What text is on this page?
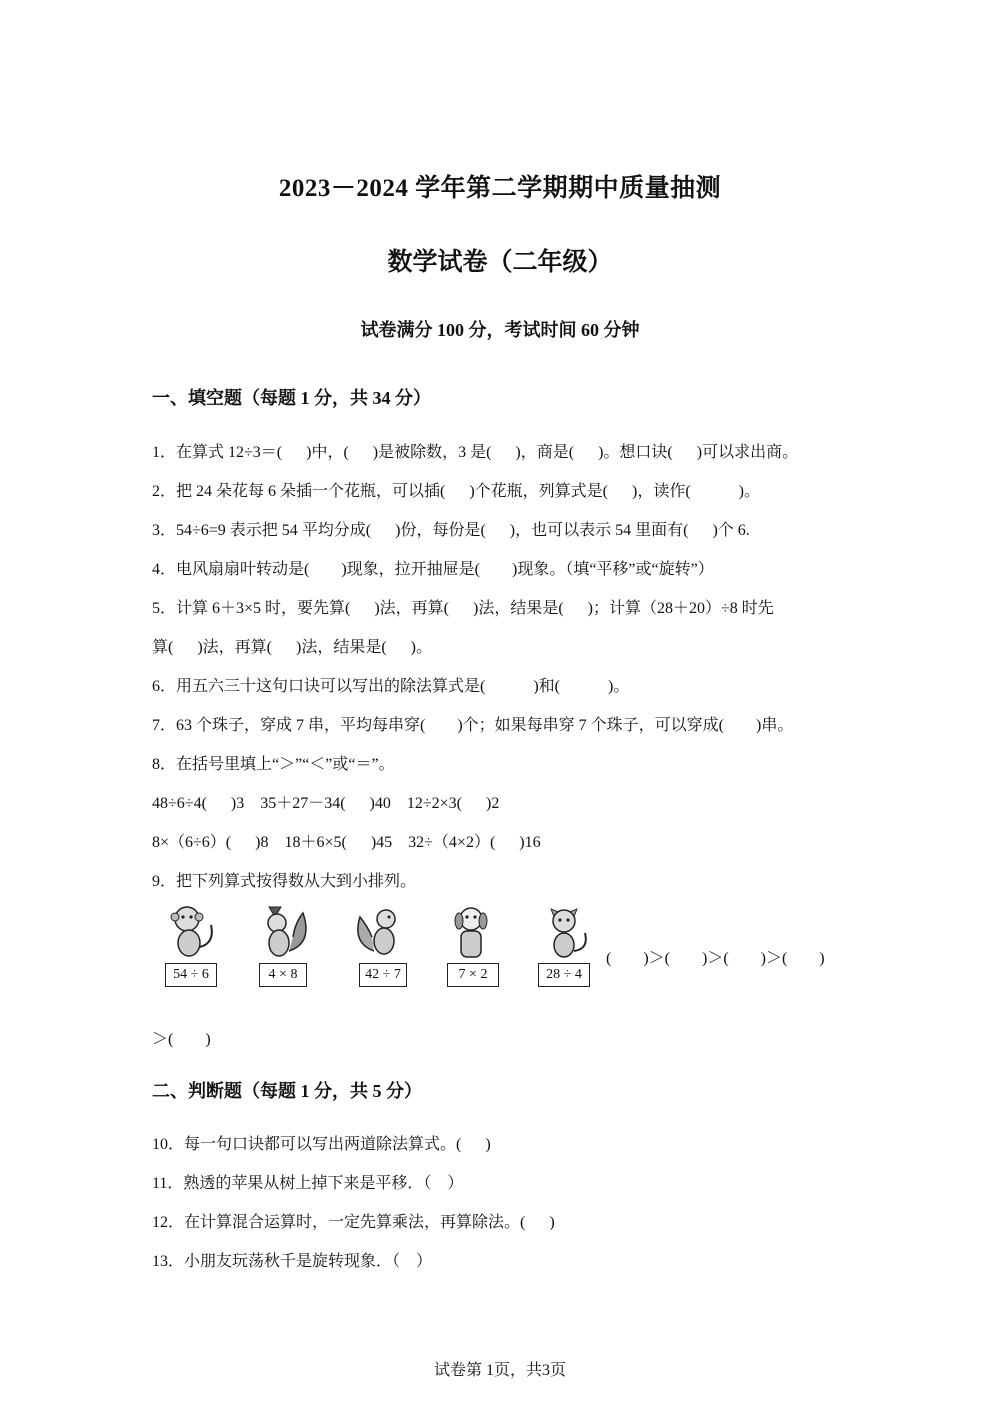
2023－2024 学年第二学期期中质量抽测
数学试卷（二年级）
试卷满分 100 分，考试时间 60 分钟
一、填空题（每题 1 分，共 34 分）
1．在算式 12÷3＝(      )中，(      )是被除数，3 是(      )，商是(      )。想口诀(      )可以求出商。
2．把 24 朵花每 6 朵插一个花瓶，可以插(      )个花瓶，列算式是(      )，读作(            )。
3．54÷6=9 表示把 54 平均分成(      )份，每份是(      )，也可以表示 54 里面有(      )个 6.
4．电风扇扇叶转动是(        )现象，拉开抽屉是(        )现象。（填“平移”或“旋转”）
5．计算 6＋3×5 时，要先算(      )法，再算(      )法，结果是(      )；计算（28＋20）÷8 时先
算(      )法，再算(      )法，结果是(      )。
6．用五六三十这句口诀可以写出的除法算式是(            )和(            )。
7．63 个珠子，穿成 7 串，平均每串穿(        )个；如果每串穿 7 个珠子，可以穿成(        )串。
8．在括号里填上“＞”“＜”或“＝”。
48÷6÷4(      )3    35＋27－34(      )40    12÷2×3(      )2
8×（6÷6）(      )8    18＋6×5(      )45    32÷（4×2）(      )16
9．把下列算式按得数从大到小排列。
54 ÷ 6	4 × 8	42 ÷ 7	7 × 2	28 ÷ 4
(        )＞(        )＞(        )＞(        )
＞(        )
二、判断题（每题 1 分，共 5 分）
10．每一句口诀都可以写出两道除法算式。(      )
11．熟透的苹果从树上掉下来是平移．（    ）
12．在计算混合运算时，一定先算乘法，再算除法。(      )
13．小朋友玩荡秋千是旋转现象．（    ）
试卷第 1页，共3页
